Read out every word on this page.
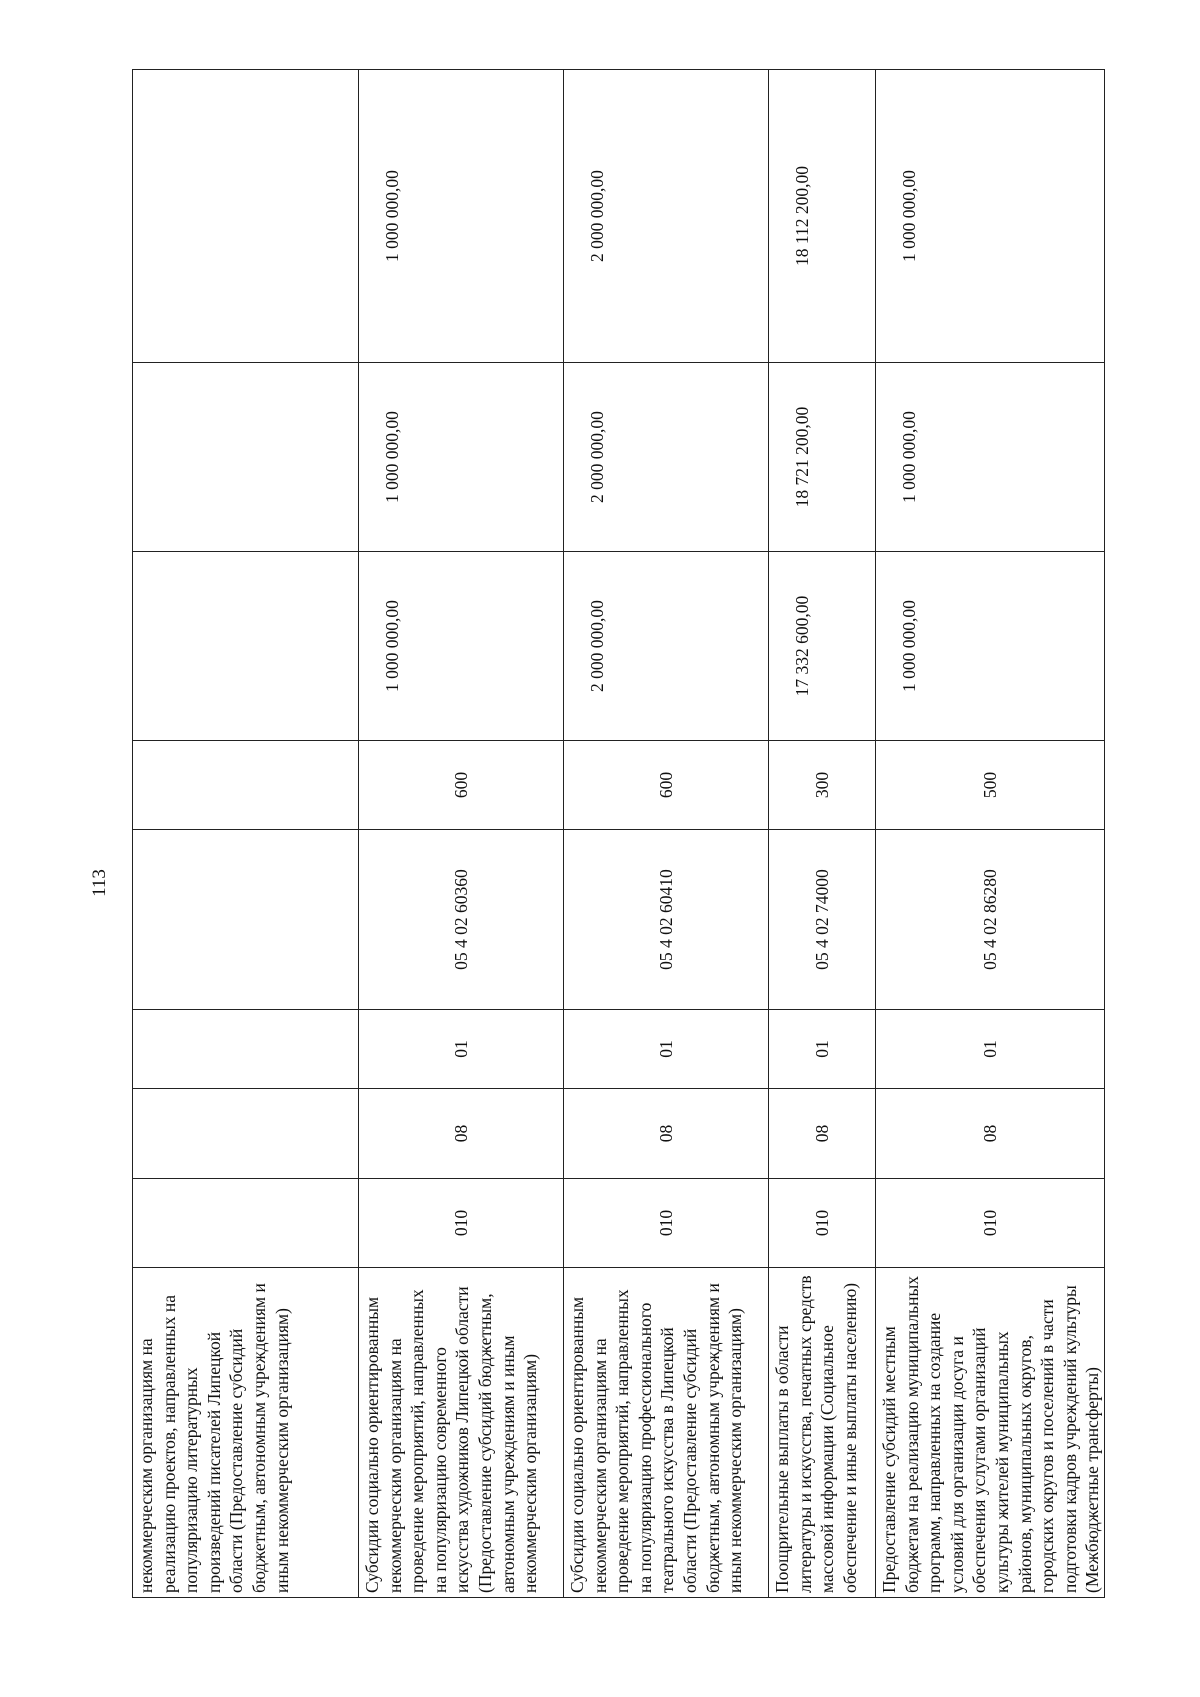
113
некоммерческим организациям на реализацию проектов, направленных на популяризацию литературных произведений писателей Липецкой области (Предоставление субсидий бюджетным, автономным учреждениям и иным некоммерческим организациям)								
Субсидии социально ориентированным некоммерческим организациям на проведение мероприятий, направленных на популяризацию современного искусства художников Липецкой области (Предоставление субсидий бюджетным, автономным учреждениям и иным некоммерческим организациям)	010	08	01	05 4 02 60360	600	1 000 000,00	1 000 000,00	1 000 000,00
Субсидии социально ориентированным некоммерческим организациям на проведение мероприятий, направленных на популяризацию профессионального театрального искусства в Липецкой области (Предоставление субсидий бюджетным, автономным учреждениям и иным некоммерческим организациям)	010	08	01	05 4 02 60410	600	2 000 000,00	2 000 000,00	2 000 000,00
Поощрительные выплаты в области литературы и искусства, печатных средств массовой информации (Социальное обеспечение и иные выплаты населению)	010	08	01	05 4 02 74000	300	17 332 600,00	18 721 200,00	18 112 200,00
Предоставление субсидий местным бюджетам на реализацию муниципальных программ, направленных на создание условий для организации досуга и обеспечения услугами организаций культуры жителей муниципальных районов, муниципальных округов, городских округов и поселений в части подготовки кадров учреждений культуры (Межбюджетные трансферты)	010	08	01	05 4 02 86280	500	1 000 000,00	1 000 000,00	1 000 000,00
